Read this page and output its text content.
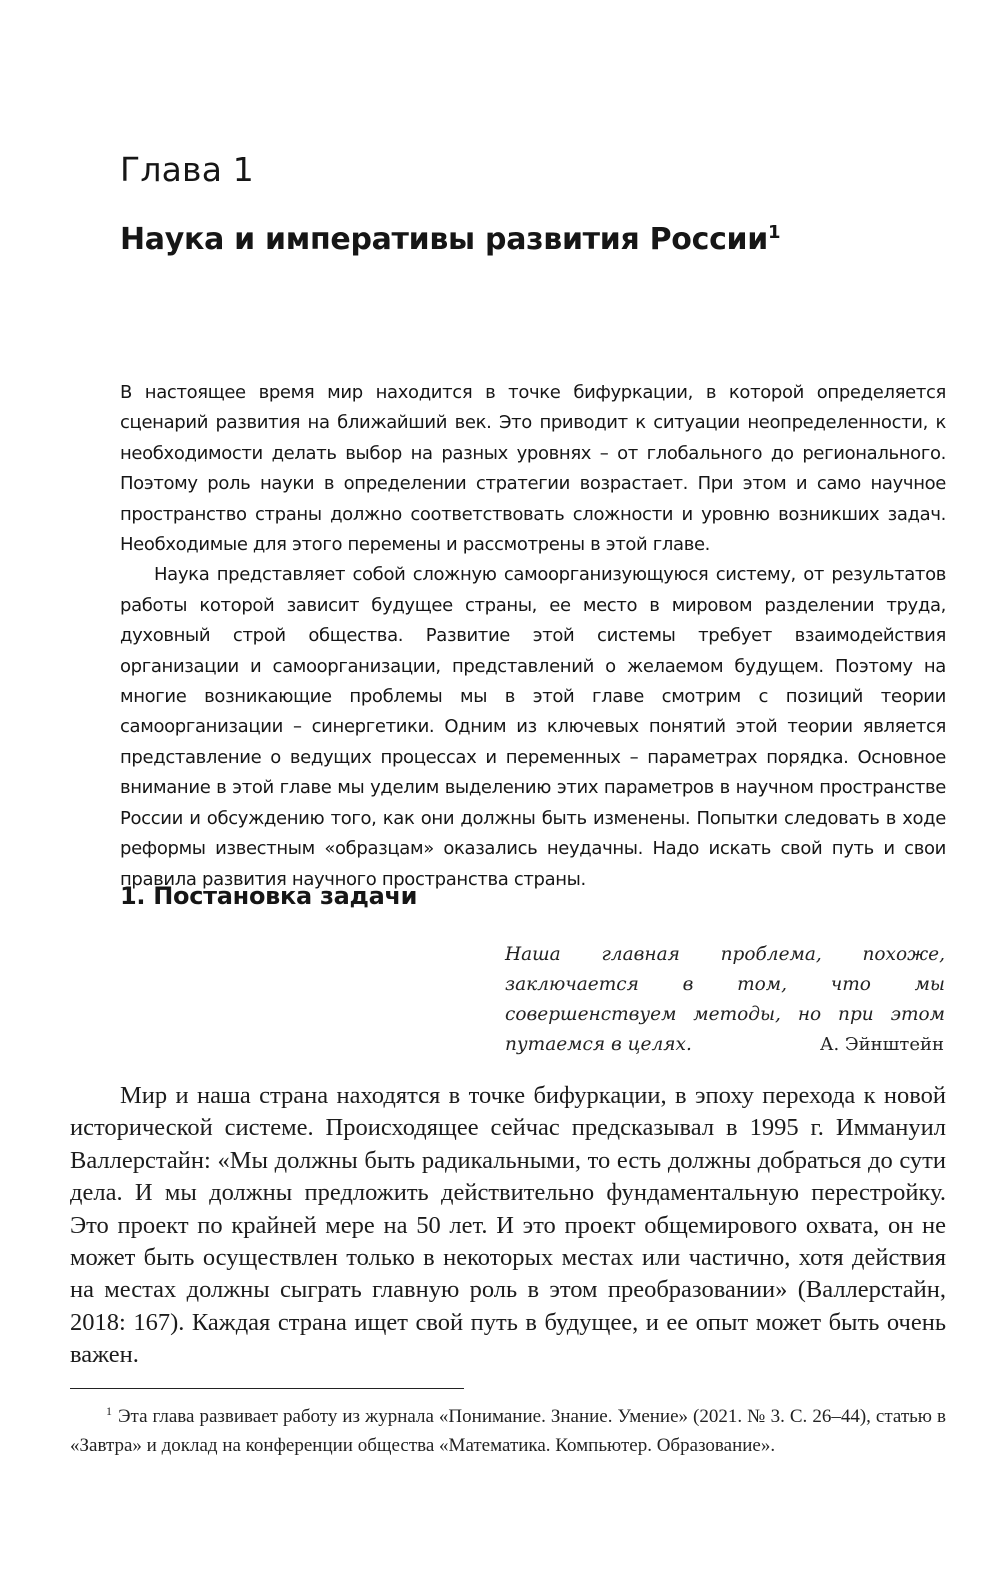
Глава 1
Наука и императивы развития России$^1$

В настоящее время мир находится в точке бифуркации, в которой определяется сценарий развития на ближайший век. Это приводит к ситуации неопределенности, к необходимости делать выбор на разных уровнях – от глобального до регионального. Поэтому роль науки в определении стратегии возрастает. При этом и само научное пространство страны должно соответствовать сложности и уровню возникших задач. Необходимые для этого перемены и рассмотрены в этой главе.

Наука представляет собой сложную самоорганизующуюся систему, от результатов работы которой зависит будущее страны, ее место в мировом разделении труда, духовный строй общества. Развитие этой системы требует взаимодействия организации и самоорганизации, представлений о желаемом будущем. Поэтому на многие возникающие проблемы мы в этой главе смотрим с позиций теории самоорганизации – синергетики. Одним из ключевых понятий этой теории является представление о ведущих процессах и переменных – параметрах порядка. Основное внимание в этой главе мы уделим выделению этих параметров в научном пространстве России и обсуждению того, как они должны быть изменены. Попытки следовать в ходе реформы известным «образцам» оказались неудачны. Надо искать свой путь и свои правила развития научного пространства страны.

1. Постановка задачи
Наша главная проблема, похоже, заключается в том, что мы совершенствуем методы, но при этом путаемся в целях.	А. Эйнштейн

Мир и наша страна находятся в точке бифуркации, в эпоху перехода к новой исторической системе. Происходящее сейчас предсказывал в 1995 г. Иммануил Валлерстайн: «Мы должны быть радикальными, то есть должны добраться до сути дела. И мы должны предложить действительно фундаментальную перестройку. Это проект по крайней мере на 50 лет. И это проект общемирового охвата, он не может быть осуществлен только в некоторых местах или частично, хотя действия на местах должны сыграть главную роль в этом преобразовании» (Валлерстайн, 2018: 167). Каждая страна ищет свой путь в будущее, и ее опыт может быть очень важен.

$^1$ Эта глава развивает работу из журнала «Понимание. Знание. Умение» (2021. № 3. С. 26–44), статью в «Завтра» и доклад на конференции общества «Математика. Компьютер. Образование».
